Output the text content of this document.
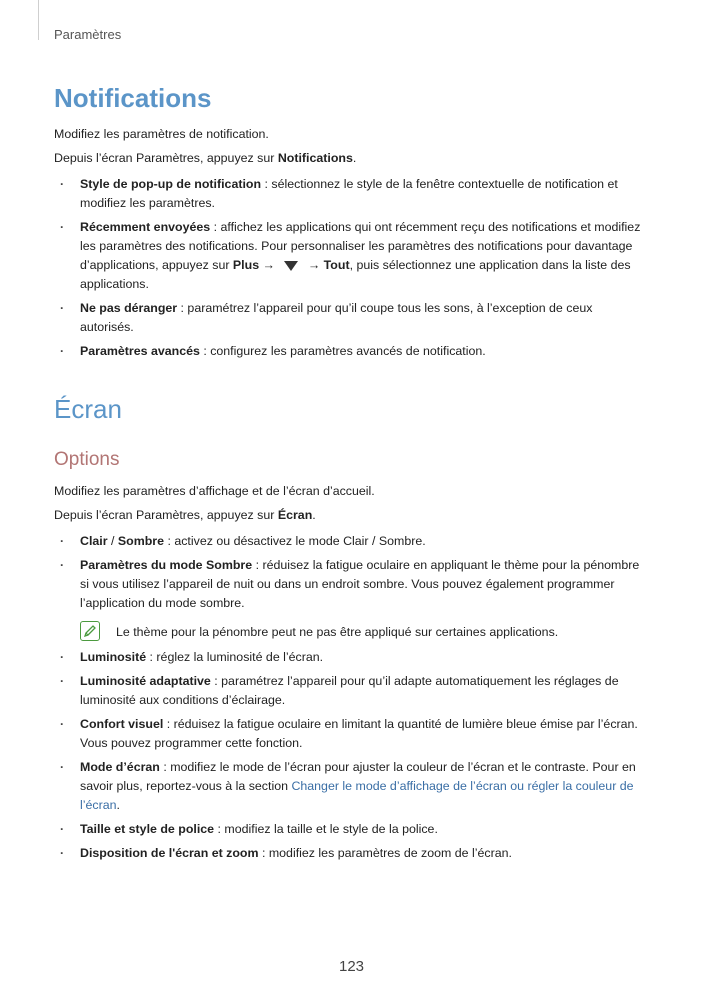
Paramètres
Notifications

Modifiez les paramètres de notification.

Depuis l’écran Paramètres, appuyez sur Notifications.

· Style de pop-up de notification : sélectionnez le style de la fenêtre contextuelle de notification et modifiez les paramètres.
· Récemment envoyées : affichez les applications qui ont récemment reçu des notifications et modifiez les paramètres des notifications. Pour personnaliser les paramètres des notifications pour davantage d’applications, appuyez sur Plus →  → Tout, puis sélectionnez une application dans la liste des applications.
· Ne pas déranger : paramétrez l’appareil pour qu’il coupe tous les sons, à l’exception de ceux autorisés.
· Paramètres avancés : configurez les paramètres avancés de notification.
Écran
Options

Modifiez les paramètres d’affichage et de l’écran d’accueil.

Depuis l’écran Paramètres, appuyez sur Écran.

· Clair / Sombre : activez ou désactivez le mode Clair / Sombre.
· Paramètres du mode Sombre : réduisez la fatigue oculaire en appliquant le thème pour la pénombre si vous utilisez l’appareil de nuit ou dans un endroit sombre. Vous pouvez également programmer l’application du mode sombre.
Le thème pour la pénombre peut ne pas être appliqué sur certaines applications.
· Luminosité : réglez la luminosité de l’écran.
· Luminosité adaptative : paramétrez l’appareil pour qu’il adapte automatiquement les réglages de luminosité aux conditions d’éclairage.
· Confort visuel : réduisez la fatigue oculaire en limitant la quantité de lumière bleue émise par l’écran. Vous pouvez programmer cette fonction.
· Mode d’écran : modifiez le mode de l’écran pour ajuster la couleur de l’écran et le contraste. Pour en savoir plus, reportez-vous à la section Changer le mode d’affichage de l’écran ou régler la couleur de l’écran.
· Taille et style de police : modifiez la taille et le style de la police.
· Disposition de l'écran et zoom : modifiez les paramètres de zoom de l’écran.
123
